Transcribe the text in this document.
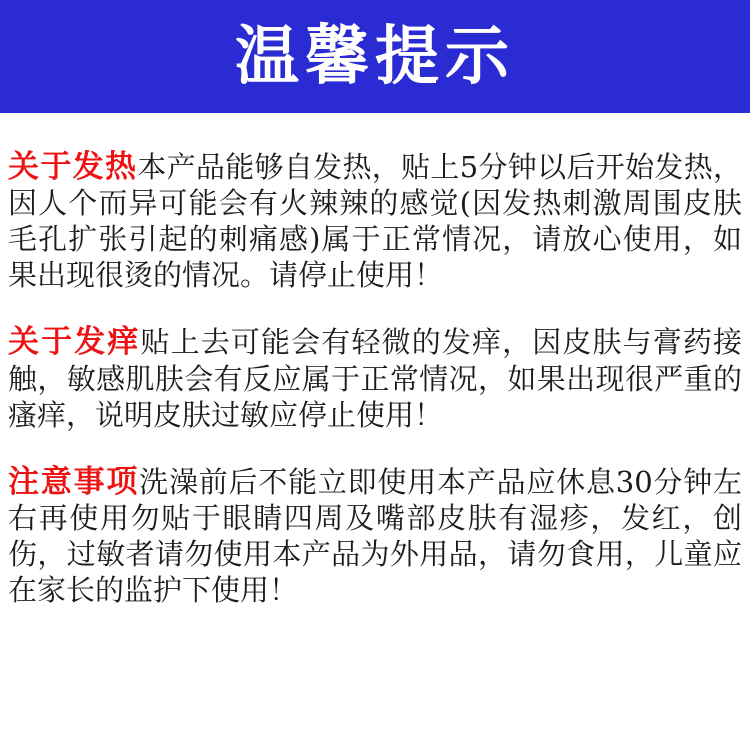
温馨提示

关于发热本产品能够自发热，贴上5分钟以后开始发热，因人个而异可能会有火辣辣的感觉(因发热刺激周围皮肤毛孔扩张引起的刺痛感)属于正常情况，请放心使用，如果出现很烫的情况。请停止使用！

关于发痒贴上去可能会有轻微的发痒，因皮肤与膏药接触，敏感肌肤会有反应属于正常情况，如果出现很严重的瘙痒，说明皮肤过敏应停止使用！

注意事项洗澡前后不能立即使用本产品应休息30分钟左右再使用勿贴于眼睛四周及嘴部皮肤有湿疹，发红，创伤，过敏者请勿使用本产品为外用品，请勿食用，儿童应在家长的监护下使用！
